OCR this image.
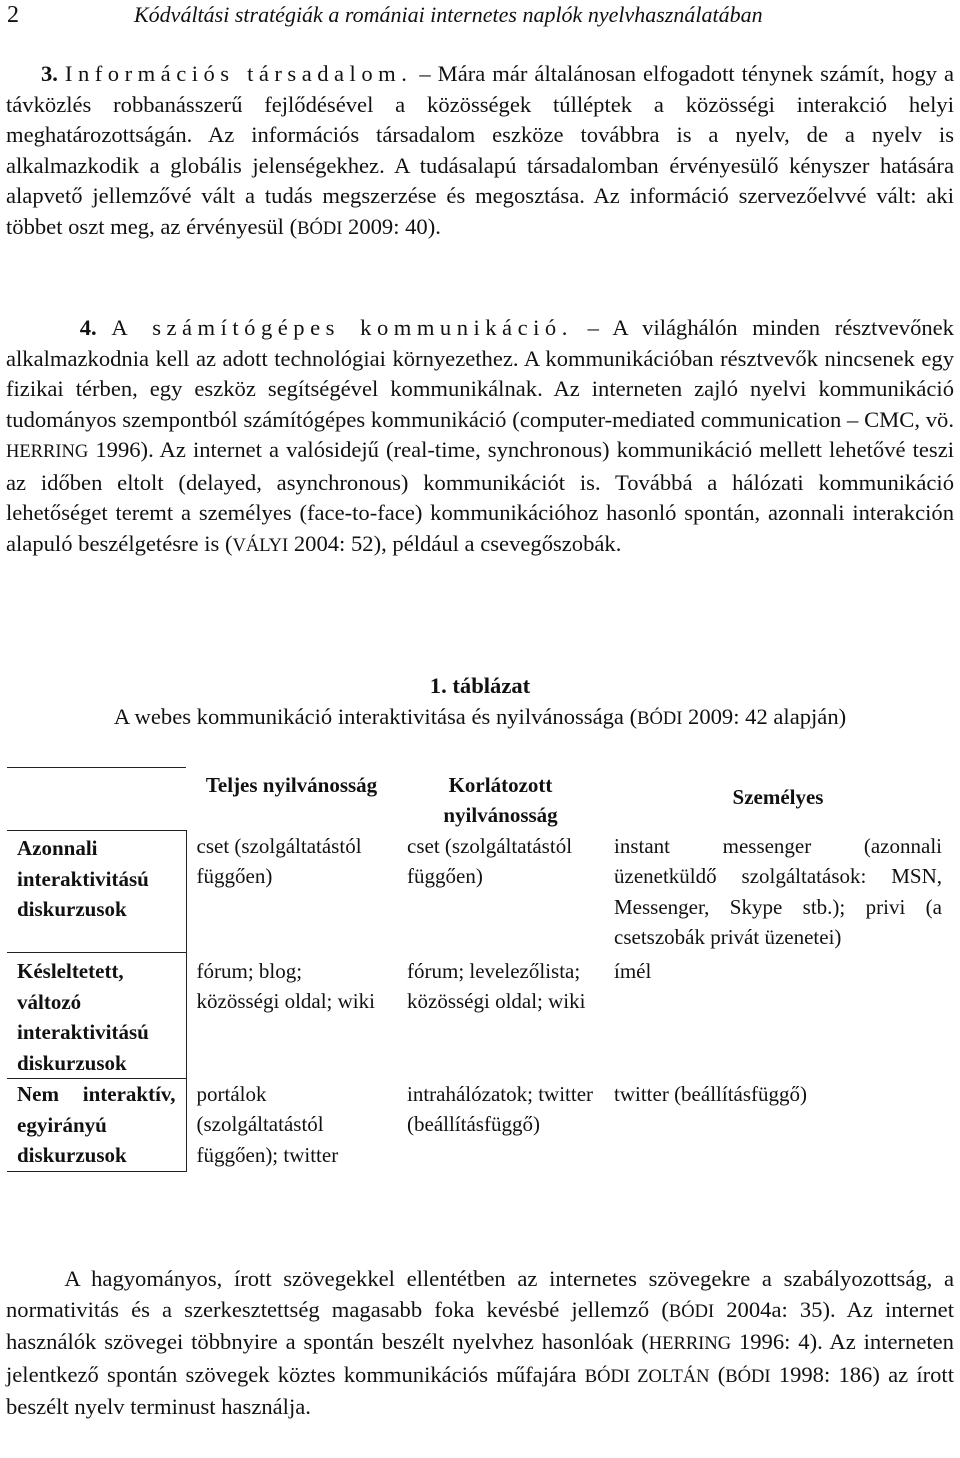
2	Kódváltási stratégiák a romániai internetes naplók nyelvhasználatában

3. Információs társadalom. – Mára már általánosan elfogadott ténynek számít, hogy a távközlés robbanásszerű fejlődésével a közösségek túlléptek a közösségi interakció helyi meghatározottságán. Az információs társadalom eszköze továbbra is a nyelv, de a nyelv is alkalmazkodik a globális jelenségekhez. A tudásalapú társadalomban érvényesülő kényszer hatására alapvető jellemzővé vált a tudás megszerzése és megosztása. Az információ szervezőelvvé vált: aki többet oszt meg, az érvényesül (BÓDI 2009: 40).

4. A számítógépes kommunikáció. – A világhálón minden résztvevőnek alkalmazkodnia kell az adott technológiai környezethez. A kommunikációban résztvevők nincsenek egy fizikai térben, egy eszköz segítségével kommunikálnak. Az interneten zajló nyelvi kommunikáció tudományos szempontból számítógépes kommunikáció (computer-mediated communication – CMC, vö. HERRING 1996). Az internet a valósidejű (real-time, synchronous) kommunikáció mellett lehetővé teszi az időben eltolt (delayed, asynchronous) kommunikációt is. Továbbá a hálózati kommunikáció lehetőséget teremt a személyes (face-to-face) kommunikációhoz hasonló spontán, azonnali interakción alapuló beszélgetésre is (VÁLYI 2004: 52), például a csevegőszobák.

1. táblázat
A webes kommunikáció interaktivitása és nyilvánossága (BÓDI 2009: 42 alapján)
	Teljes nyilvánosság	Korlátozott nyilvánosság	Személyes
Azonnali interaktivitású diskurzusok	cset (szolgáltatástól függően)	cset (szolgáltatástól függően)	instant messenger (azonnali üzenetküldő szolgáltatások: MSN, Messenger, Skype stb.); privi (a csetszobák privát üzenetei)
Késleltetett, változó interaktivitású diskurzusok	fórum; blog; közösségi oldal; wiki	fórum; levelezőlista; közösségi oldal; wiki	ímél
Nem interaktív, egyirányú diskurzusok	portálok (szolgáltatástól függően); twitter	intrahálózatok; twitter (beállításfüggő)	twitter (beállításfüggő)

A hagyományos, írott szövegekkel ellentétben az internetes szövegekre a szabályozottság, a normativitás és a szerkesztettség magasabb foka kevésbé jellemző (BÓDI 2004a: 35). Az internet használók szövegei többnyire a spontán beszélt nyelvhez hasonlóak (HERRING 1996: 4). Az interneten jelentkező spontán szövegek köztes kommunikációs műfajára BÓDI ZOLTÁN (BÓDI 1998: 186) az írott beszélt nyelv terminust használja.
